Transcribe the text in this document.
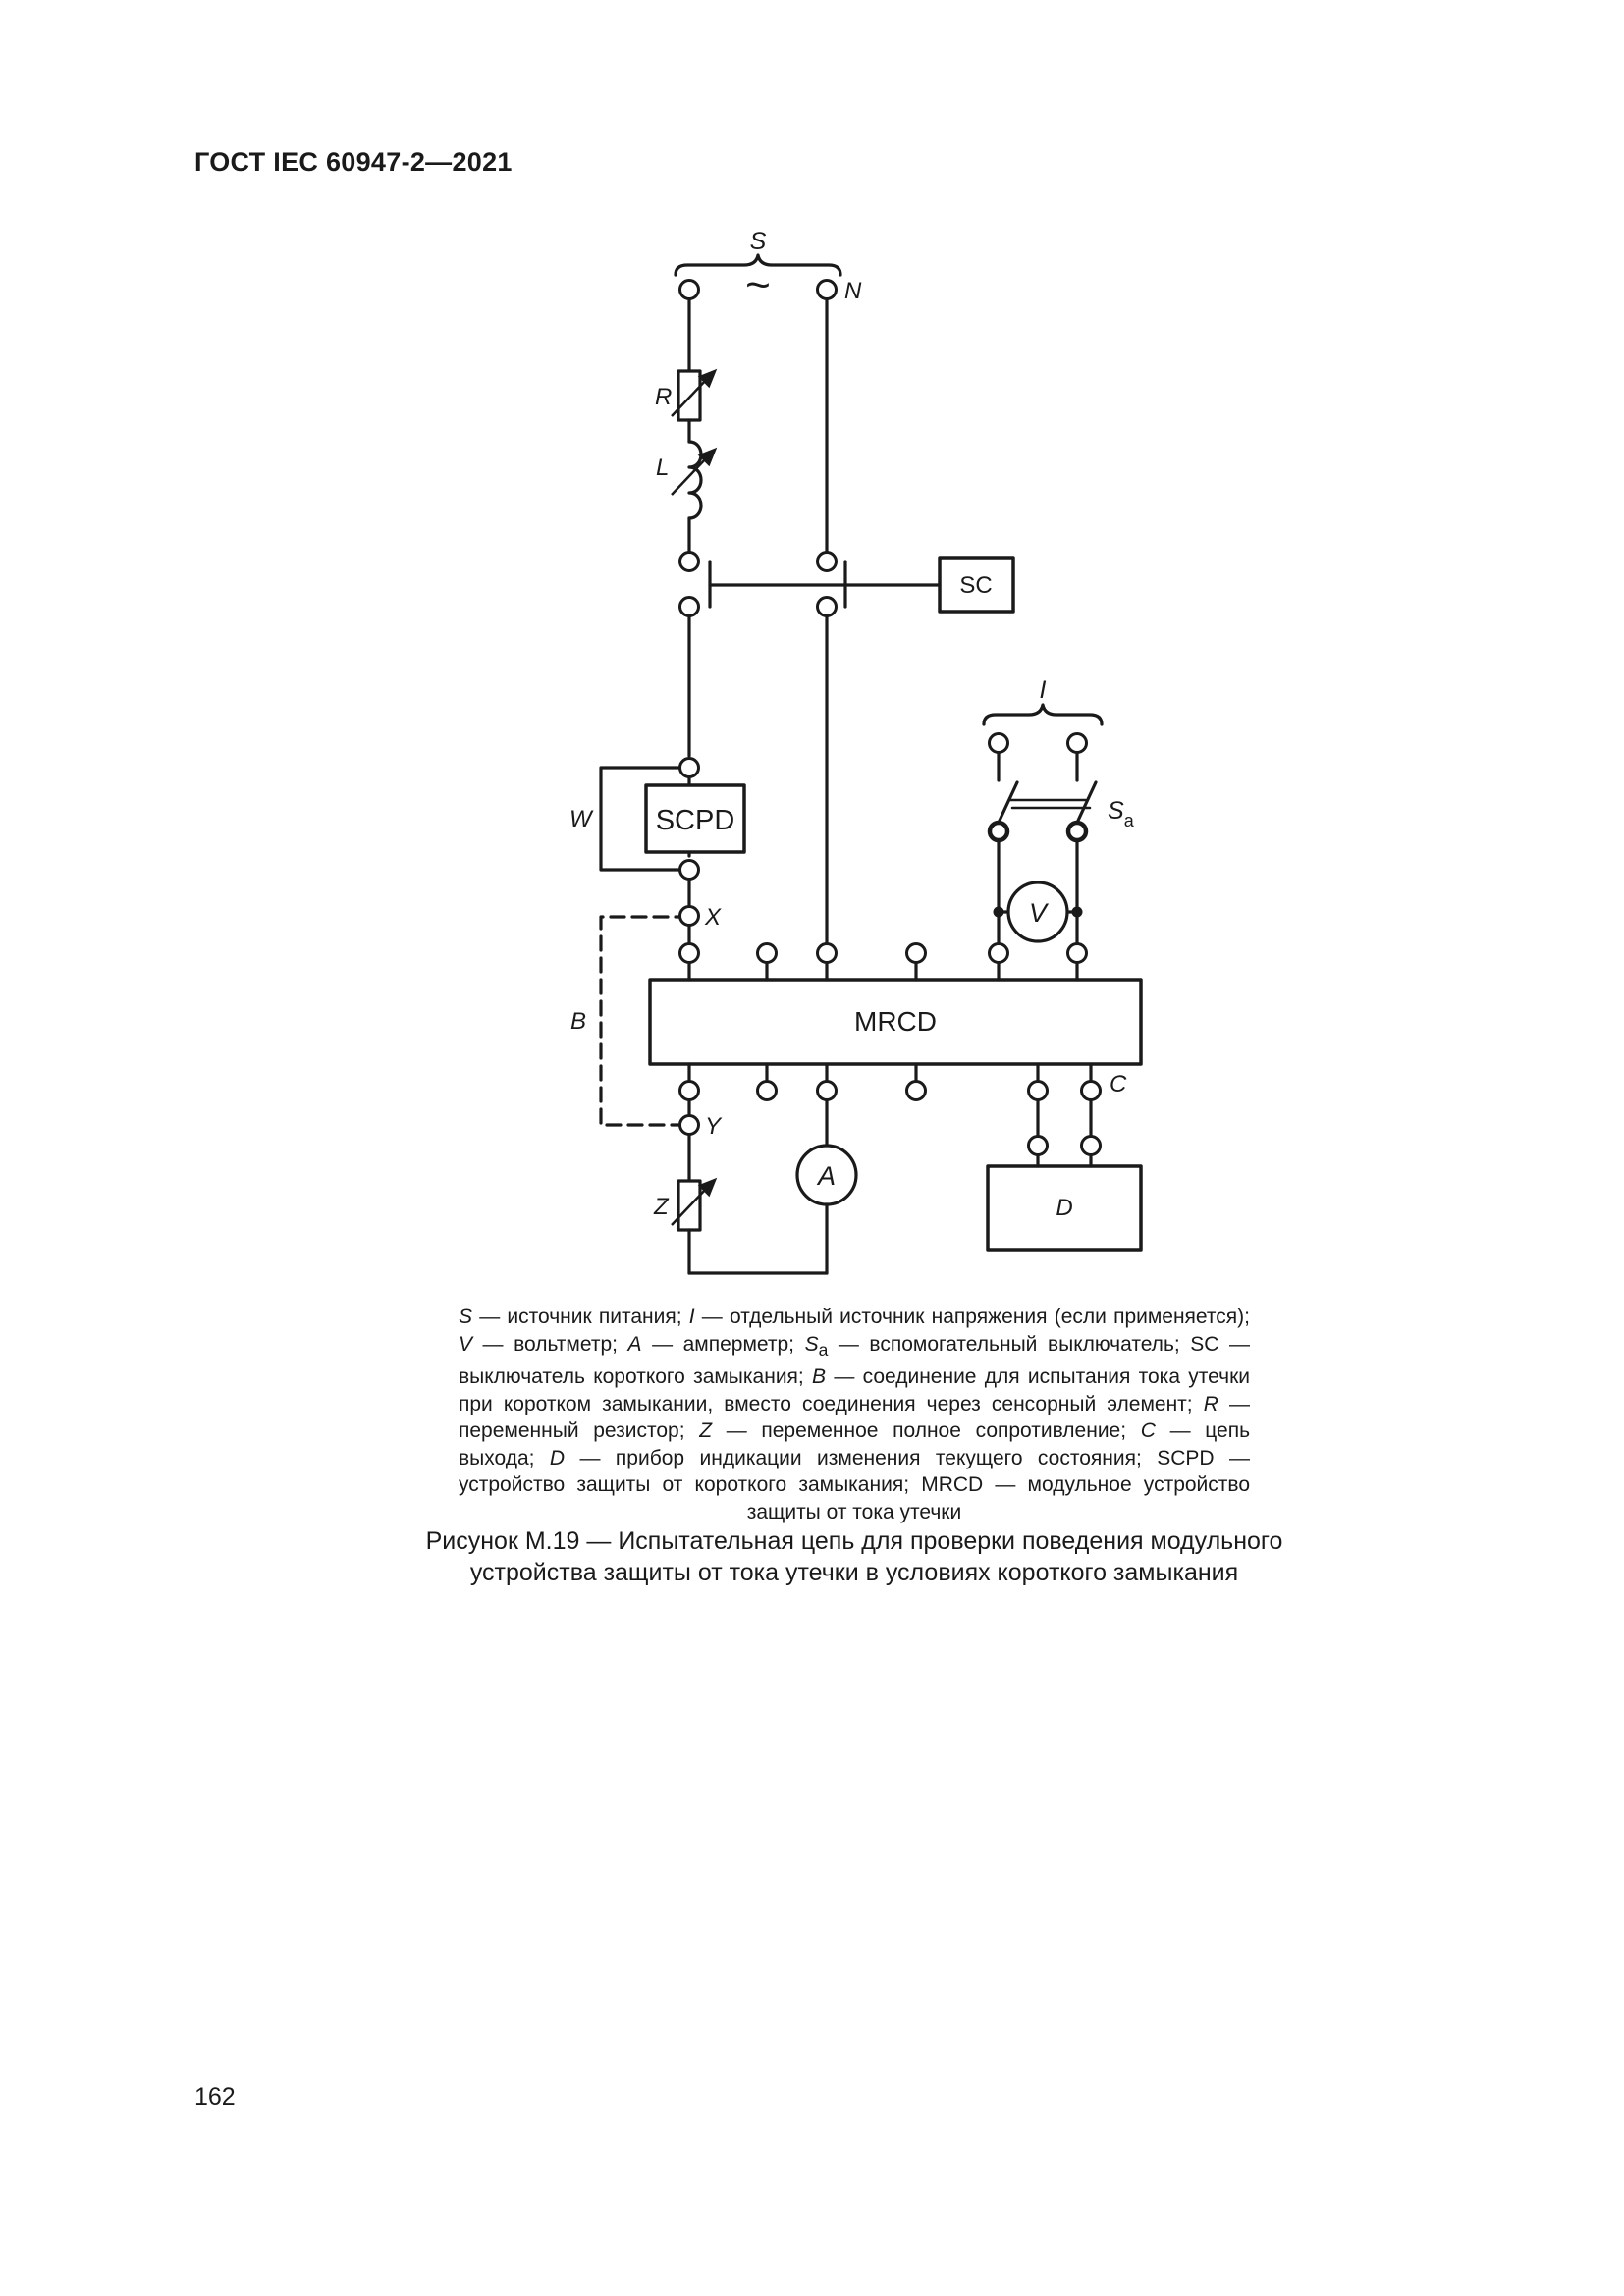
ГОСТ IEC 60947-2—2021
S
~	N
R
L
SC
I
$S_a$
W SCPD
V
X
B	MRCD
C
Y
A
Z	D
S — источник питания; I — отдельный источник напряжения (если применяется); V — вольтметр; A — амперметр; $S_a$ — вспомогательный выключатель; SC — выключатель короткого замыкания; B — соединение для испытания тока утечки при коротком замыкании, вместо соединения через сенсорный элемент; R — переменный резистор; Z — переменное полное сопротивление; C — цепь выхода; D — прибор индикации изменения текущего состояния; SCPD — устройство защиты от короткого замыкания; MRCD — модульное устройство защиты от тока утечки
Рисунок М.19 — Испытательная цепь для проверки поведения модульного устройства защиты от тока утечки в условиях короткого замыкания
162
